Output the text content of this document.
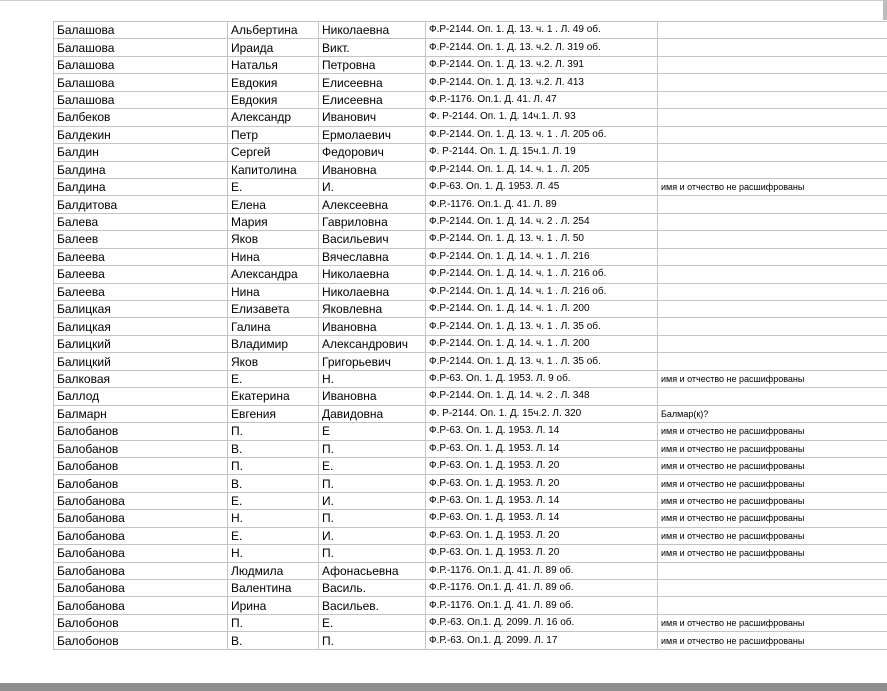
Балашова	Альбертина	Николаевна	Ф.Р-2144. Оп. 1. Д. 13. ч. 1 . Л. 49 об.	
Балашова	Ираида	Викт.	Ф.Р-2144. Оп. 1. Д. 13. ч.2. Л. 319 об.	
Балашова	Наталья	Петровна	Ф.Р-2144. Оп. 1. Д. 13. ч.2. Л. 391	
Балашова	Евдокия	Елисеевна	Ф.Р-2144. Оп. 1. Д. 13. ч.2. Л. 413	
Балашова	Евдокия	Елисеевна	Ф.Р.-1176. Оп.1. Д. 41. Л. 47	
Балбеков	Александр	Иванович	Ф. Р-2144. Оп. 1. Д. 14ч.1. Л. 93	
Балдекин	Петр	Ермолаевич	Ф.Р-2144. Оп. 1. Д. 13. ч. 1 . Л. 205 об.	
Балдин	Сергей	Федорович	Ф. Р-2144. Оп. 1. Д. 15ч.1. Л. 19	
Балдина	Капитолина	Ивановна	Ф.Р-2144. Оп. 1. Д. 14. ч. 1 . Л. 205	
Балдина	Е.	И.	Ф.Р-63. Оп. 1. Д. 1953. Л. 45	имя и отчество не расшифрованы
Балдитова	Елена	Алексеевна	Ф.Р.-1176. Оп.1. Д. 41. Л. 89	
Балева	Мария	Гавриловна	Ф.Р-2144. Оп. 1. Д. 14. ч. 2 . Л. 254	
Балеев	Яков	Васильевич	Ф.Р-2144. Оп. 1. Д. 13. ч. 1 . Л. 50	
Балеева	Нина	Вячеславна	Ф.Р-2144. Оп. 1. Д. 14. ч. 1 . Л. 216	
Балеева	Александра	Николаевна	Ф.Р-2144. Оп. 1. Д. 14. ч. 1 . Л. 216 об.	
Балеева	Нина	Николаевна	Ф.Р-2144. Оп. 1. Д. 14. ч. 1 . Л. 216 об.	
Балицкая	Елизавета	Яковлевна	Ф.Р-2144. Оп. 1. Д. 14. ч. 1 . Л. 200	
Балицкая	Галина	Ивановна	Ф.Р-2144. Оп. 1. Д. 13. ч. 1 . Л. 35 об.	
Балицкий	Владимир	Александрович	Ф.Р-2144. Оп. 1. Д. 14. ч. 1 . Л. 200	
Балицкий	Яков	Григорьевич	Ф.Р-2144. Оп. 1. Д. 13. ч. 1 . Л. 35 об.	
Балковая	Е.	Н.	Ф.Р-63. Оп. 1. Д. 1953. Л. 9 об.	имя и отчество не расшифрованы
Баллод	Екатерина	Ивановна	Ф.Р-2144. Оп. 1. Д. 14. ч. 2 . Л. 348	
Балмарн	Евгения	Давидовна	Ф. Р-2144. Оп. 1. Д. 15ч.2. Л. 320	Балмар(к)?
Балобанов	П.	Е	Ф.Р-63. Оп. 1. Д. 1953. Л. 14	имя и отчество не расшифрованы
Балобанов	В.	П.	Ф.Р-63. Оп. 1. Д. 1953. Л. 14	имя и отчество не расшифрованы
Балобанов	П.	Е.	Ф.Р-63. Оп. 1. Д. 1953. Л. 20	имя и отчество не расшифрованы
Балобанов	В.	П.	Ф.Р-63. Оп. 1. Д. 1953. Л. 20	имя и отчество не расшифрованы
Балобанова	Е.	И.	Ф.Р-63. Оп. 1. Д. 1953. Л. 14	имя и отчество не расшифрованы
Балобанова	Н.	П.	Ф.Р-63. Оп. 1. Д. 1953. Л. 14	имя и отчество не расшифрованы
Балобанова	Е.	И.	Ф.Р-63. Оп. 1. Д. 1953. Л. 20	имя и отчество не расшифрованы
Балобанова	Н.	П.	Ф.Р-63. Оп. 1. Д. 1953. Л. 20	имя и отчество не расшифрованы
Балобанова	Людмила	Афонасьевна	Ф.Р.-1176. Оп.1. Д. 41. Л. 89 об.	
Балобанова	Валентина	Василь.	Ф.Р.-1176. Оп.1. Д. 41. Л. 89 об.	
Балобанова	Ирина	Васильев.	Ф.Р.-1176. Оп.1. Д. 41. Л. 89 об.	
Балобонов	П.	Е.	Ф.Р.-63. Оп.1. Д. 2099. Л. 16 об.	имя и отчество не расшифрованы
Балобонов	В.	П.	Ф.Р.-63. Оп.1. Д. 2099. Л. 17	имя и отчество не расшифрованы
